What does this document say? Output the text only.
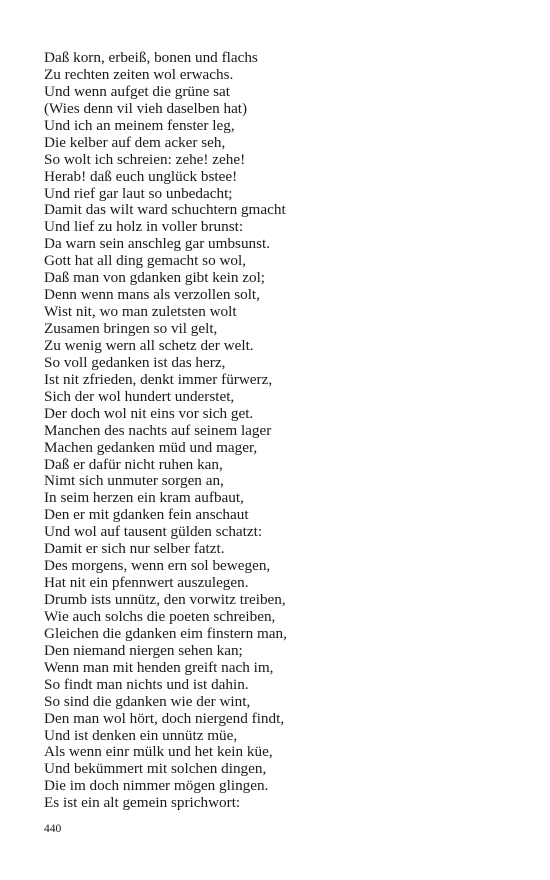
Daß korn, erbeiß, bonen und flachs
Zu rechten zeiten wol erwachs.
Und wenn aufget die grüne sat
(Wies denn vil vieh daselben hat)
Und ich an meinem fenster leg,
Die kelber auf dem acker seh,
So wolt ich schreien: zehe! zehe!
Herab! daß euch unglück bstee!
Und rief gar laut so unbedacht;
Damit das wilt ward schuchtern gmacht
Und lief zu holz in voller brunst:
Da warn sein anschleg gar umbsunst.
Gott hat all ding gemacht so wol,
Daß man von gdanken gibt kein zol;
Denn wenn mans als verzollen solt,
Wist nit, wo man zuletsten wolt
Zusamen bringen so vil gelt,
Zu wenig wern all schetz der welt.
So voll gedanken ist das herz,
Ist nit zfrieden, denkt immer fürwerz,
Sich der wol hundert understet,
Der doch wol nit eins vor sich get.
Manchen des nachts auf seinem lager
Machen gedanken müd und mager,
Daß er dafür nicht ruhen kan,
Nimt sich unmuter sorgen an,
In seim herzen ein kram aufbaut,
Den er mit gdanken fein anschaut
Und wol auf tausent gülden schatzt:
Damit er sich nur selber fatzt.
Des morgens, wenn ern sol bewegen,
Hat nit ein pfennwert auszulegen.
Drumb ists unnütz, den vorwitz treiben,
Wie auch solchs die poeten schreiben,
Gleichen die gdanken eim finstern man,
Den niemand niergen sehen kan;
Wenn man mit henden greift nach im,
So findt man nichts und ist dahin.
So sind die gdanken wie der wint,
Den man wol hört, doch niergend findt,
Und ist denken ein unnütz müe,
Als wenn einr mülk und het kein küe,
Und bekümmert mit solchen dingen,
Die im doch nimmer mögen glingen.
Es ist ein alt gemein sprichwort:
440
